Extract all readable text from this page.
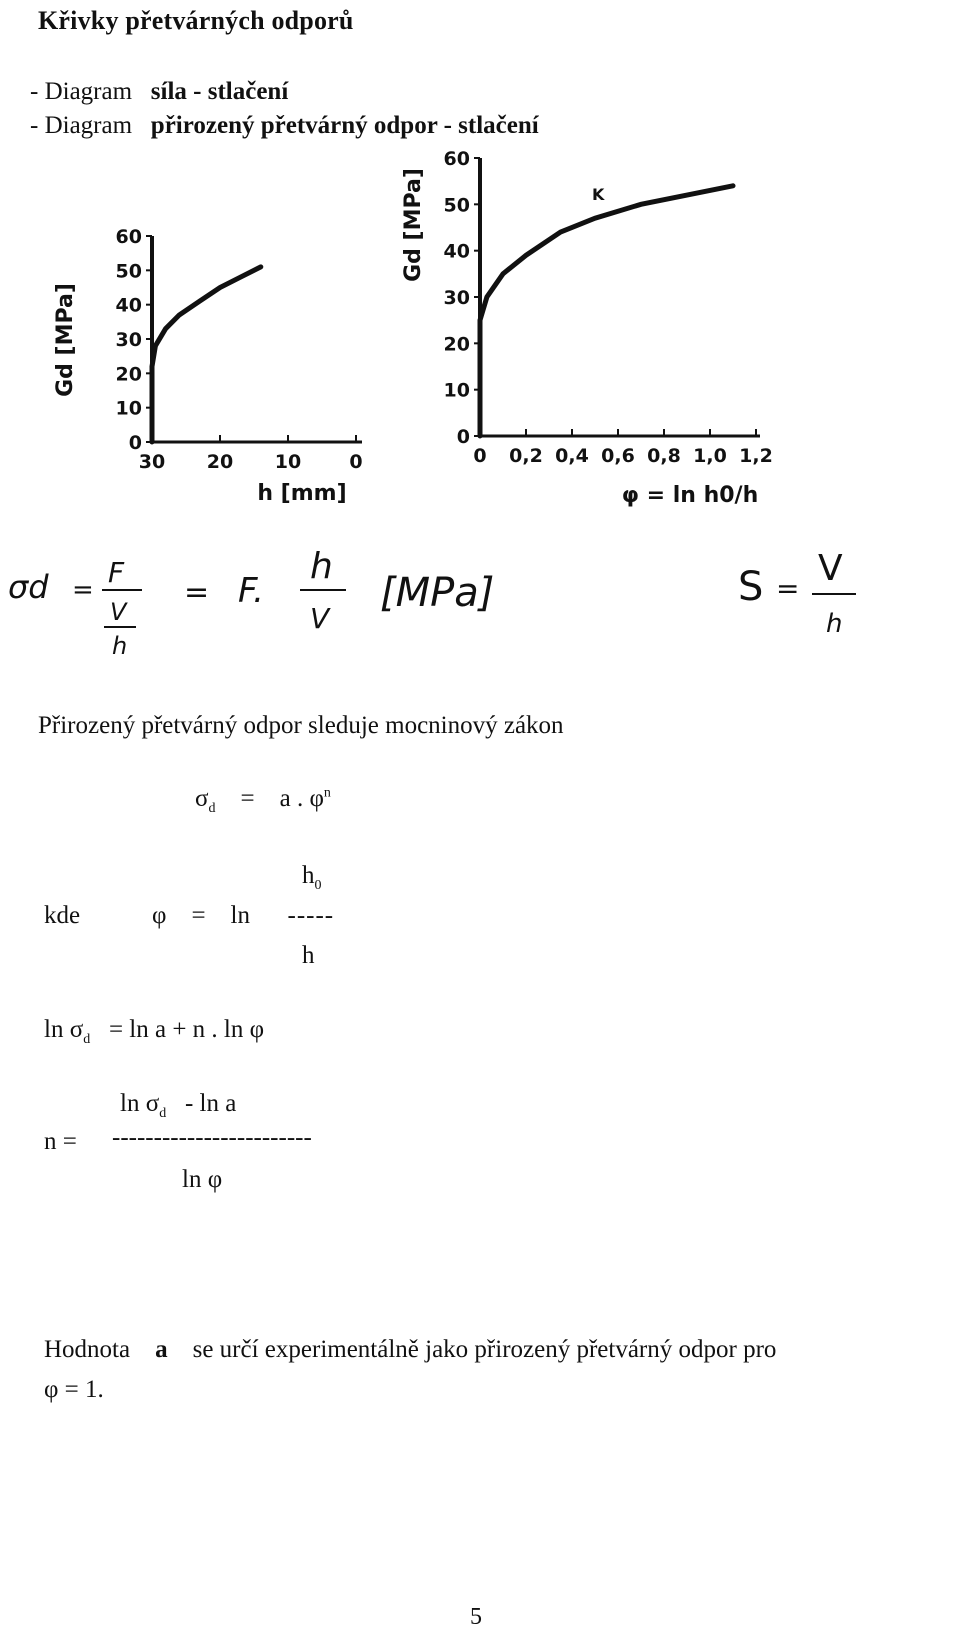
Křivky přetvárných odporů
- Diagram síla - stlačení
- Diagram přirozený přetvárný odpor - stlačení
Gd [MPa]
0
10
20
30
40
50
60
30 20 10	0
h [mm]
Gd [MPa]
0
10
20
30
40
50
60
0 0,2 0,4 0,6 0,8 1,0 1,2
K
φ = ln h0/h
σd =
F
V
h
= F.
h
V
[MPa]	S = V
h
Přirozený přetvárný odpor sleduje mocninový zákon
$\sigma_d = a$ . $\varphi^n$
$h_0$
kde	φ = ln -----
h
$\ln \sigma_d = \ln a + n$ . ln φ
$\ln \sigma_d$ - ln a
n = ------------------------
ln φ
Hodnota a se určí experimentálně jako přirozený přetvárný odpor pro
φ = 1.
5
